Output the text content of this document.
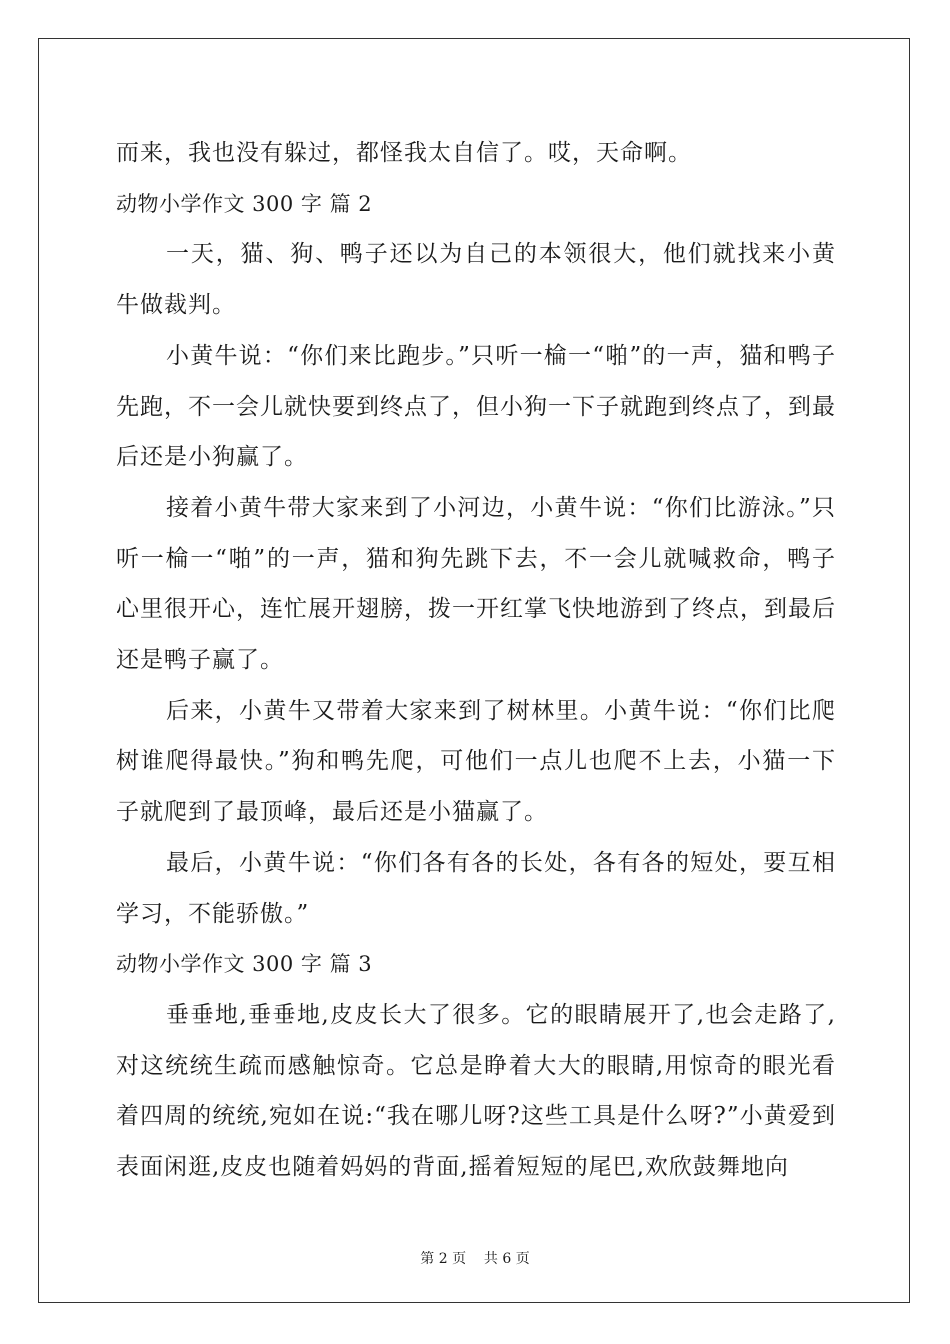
而来，我也没有躲过，都怪我太自信了。哎，天命啊。

动物小学作文 300 字 篇 2

一天，猫、狗、鸭子还以为自己的本领很大，他们就找来小黄牛做裁判。

小黄牛说：“你们来比跑步。”只听一棆一“啪”的一声，猫和鸭子先跑，不一会儿就快要到终点了，但小狗一下子就跑到终点了，到最后还是小狗赢了。

接着小黄牛带大家来到了小河边，小黄牛说：“你们比游泳。”只听一棆一“啪”的一声，猫和狗先跳下去，不一会儿就喊救命，鸭子心里很开心，连忙展开翅膀，拨一开红掌飞快地游到了终点，到最后还是鸭子赢了。

后来，小黄牛又带着大家来到了树林里。小黄牛说：“你们比爬树谁爬得最快。”狗和鸭先爬，可他们一点儿也爬不上去，小猫一下子就爬到了最顶峰，最后还是小猫赢了。

最后，小黄牛说：“你们各有各的长处，各有各的短处，要互相学习，不能骄傲。”

动物小学作文 300 字 篇 3

垂垂地,垂垂地,皮皮长大了很多。它的眼睛展开了,也会走路了,对这统统生疏而感触惊奇。它总是睁着大大的眼睛,用惊奇的眼光看着四周的统统,宛如在说:“我在哪儿呀?这些工具是什么呀?”小黄爱到表面闲逛,皮皮也随着妈妈的背面,摇着短短的尾巴,欢欣鼓舞地向

第 2 页 共 6 页
